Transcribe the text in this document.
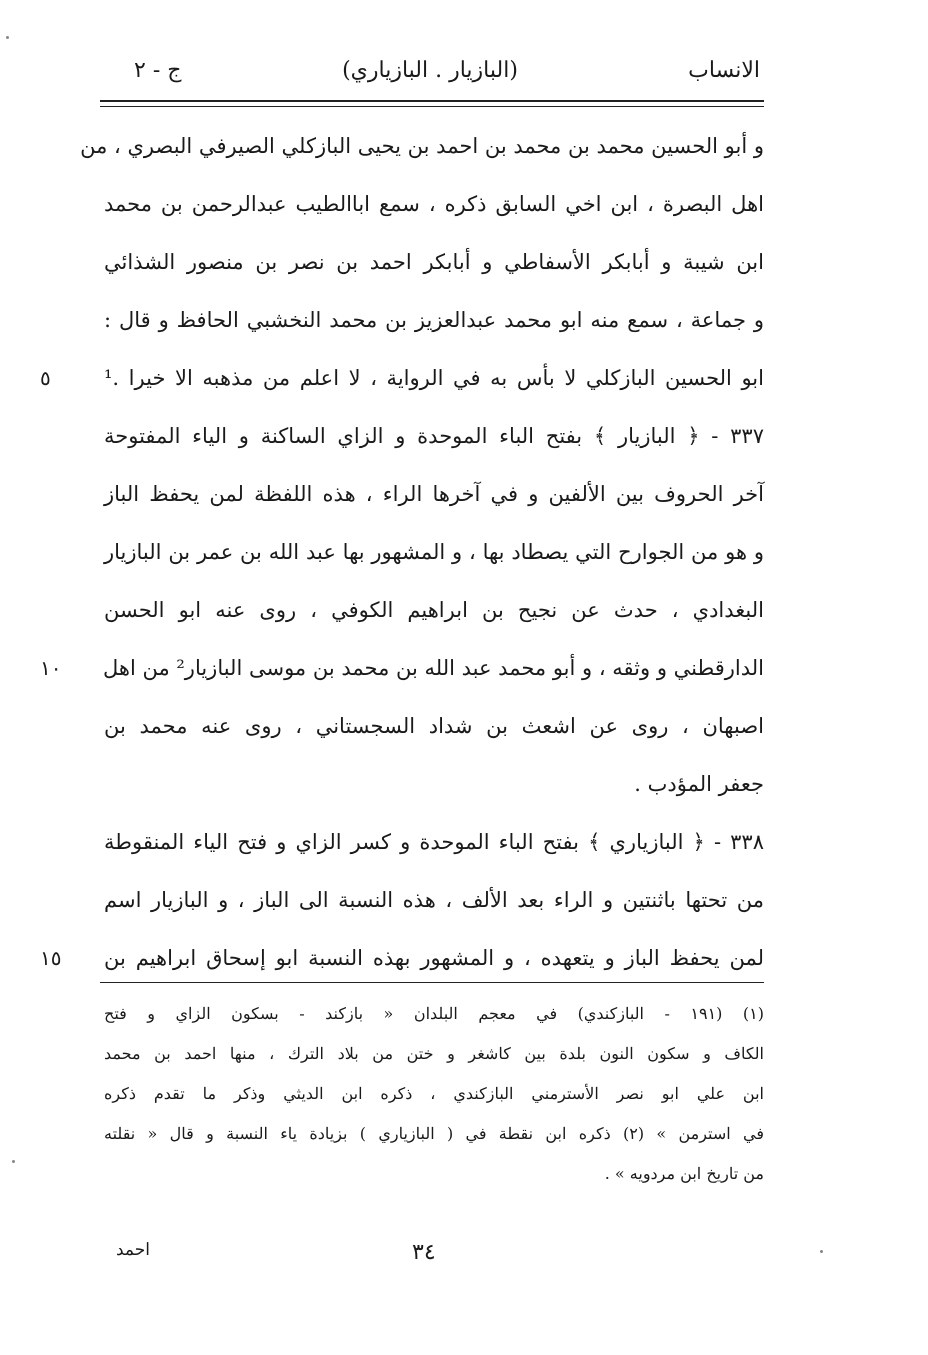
الانساب
(البازيار . البازياري)
ج - ٢
و أبو الحسين محمد بن محمد بن احمد بن يحيى البازكلي الصيرفي البصري ، من
اهل البصرة ، ابن اخي السابق ذكره ، سمع اباالطيب عبدالرحمن بن محمد
ابن شيبة و أبابكر الأسفاطي و أبابكر احمد بن نصر بن منصور الشذائي
و جماعة ، سمع منه ابو محمد عبدالعزيز بن محمد النخشبي الحافظ و قال :
ابو الحسين البازكلي لا بأس به في الرواية ، لا اعلم من مذهبه الا خيرا .¹
٥
٣٣٧ - ﴿ البازيار ﴾ بفتح الباء الموحدة و الزاي الساكنة و الياء المفتوحة
آخر الحروف بين الألفين و في آخرها الراء ، هذه اللفظة لمن يحفظ الباز
و هو من الجوارح التي يصطاد بها ، و المشهور بها عبد الله بن عمر بن البازيار
البغدادي ، حدث عن نجيح بن ابراهيم الكوفي ، روى عنه ابو الحسن
الدارقطني و وثقه ، و أبو محمد عبد الله بن محمد بن موسى البازيار² من اهل
١٠
اصبهان ، روى عن اشعث بن شداد السجستاني ، روى عنه محمد بن
جعفر المؤدب .
٣٣٨ - ﴿ البازياري ﴾ بفتح الباء الموحدة و كسر الزاي و فتح الياء المنقوطة
من تحتها باثنتين و الراء بعد الألف ، هذه النسبة الى الباز ، و البازيار اسم
لمن يحفظ الباز و يتعهده ، و المشهور بهذه النسبة ابو إسحاق ابراهيم بن
١٥
(١) (١٩١ - البازكندي) في معجم البلدان « بازكند - بسكون الزاي و فتح
الكاف و سكون النون بلدة بين كاشغر و ختن من بلاد الترك ، منها احمد بن محمد
ابن علي ابو نصر الأسترمني البازكندي ، ذكره ابن الديثي وذكر ما تقدم ذكره
في استرمن » (٢) ذكره ابن نقطة في ( البازياري ) بزيادة ياء النسبة و قال « نقلته
من تاريخ ابن مردويه » .
٣٤
احمد
